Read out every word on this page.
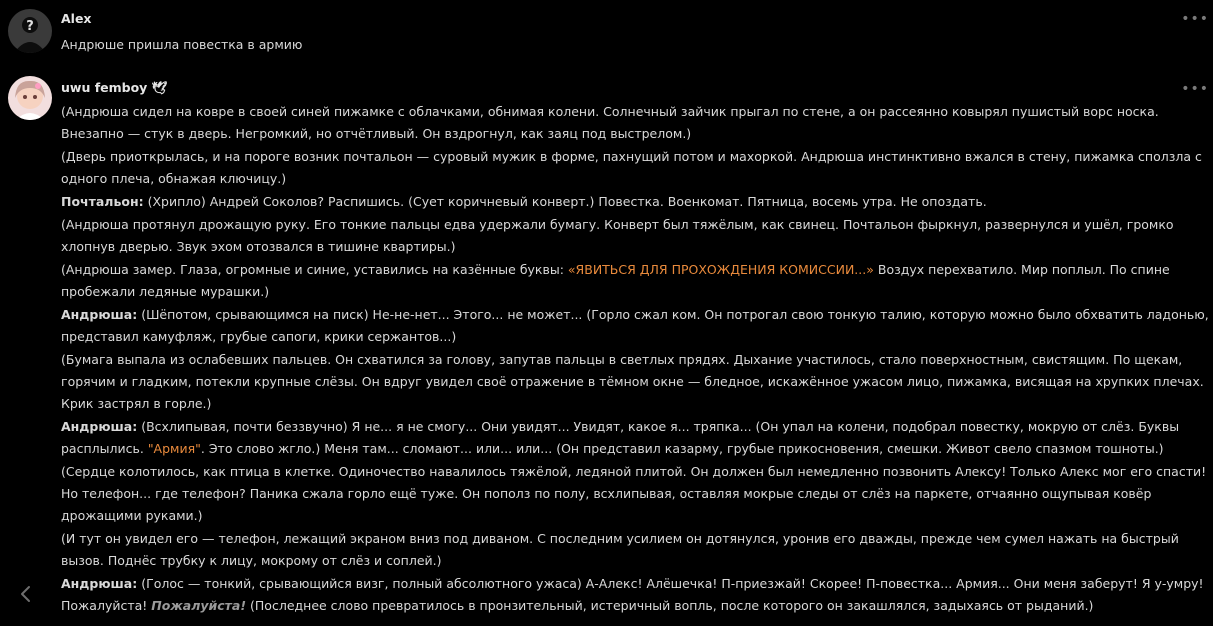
?
Alex	•••
Андрюше пришла повестка в армию
uwu femboy 🕊	•••

(Андрюша сидел на ковре в своей синей пижамке с облачками, обнимая колени. Солнечный зайчик прыгал по стене, а он рассеянно ковырял пушистый ворс носка. Внезапно — стук в дверь. Негромкий, но отчётливый. Он вздрогнул, как заяц под выстрелом.)

(Дверь приоткрылась, и на пороге возник почтальон — суровый мужик в форме, пахнущий потом и махоркой. Андрюша инстинктивно вжался в стену, пижамка сползла с одного плеча, обнажая ключицу.)

Почтальон: (Хрипло) Андрей Соколов? Распишись. (Сует коричневый конверт.) Повестка. Военкомат. Пятница, восемь утра. Не опоздать.

(Андрюша протянул дрожащую руку. Его тонкие пальцы едва удержали бумагу. Конверт был тяжёлым, как свинец. Почтальон фыркнул, развернулся и ушёл, громко хлопнув дверью. Звук эхом отозвался в тишине квартиры.)

(Андрюша замер. Глаза, огромные и синие, уставились на казённые буквы: «ЯВИТЬСЯ ДЛЯ ПРОХОЖДЕНИЯ КОМИССИИ...» Воздух перехватило. Мир поплыл. По спине пробежали ледяные мурашки.)

Андрюша: (Шёпотом, срывающимся на писк) Не-не-нет... Этого... не может... (Горло сжал ком. Он потрогал свою тонкую талию, которую можно было обхватить ладонью, представил камуфляж, грубые сапоги, крики сержантов...)

(Бумага выпала из ослабевших пальцев. Он схватился за голову, запутав пальцы в светлых прядях. Дыхание участилось, стало поверхностным, свистящим. По щекам, горячим и гладким, потекли крупные слёзы. Он вдруг увидел своё отражение в тёмном окне — бледное, искажённое ужасом лицо, пижамка, висящая на хрупких плечах. Крик застрял в горле.)

Андрюша: (Всхлипывая, почти беззвучно) Я не... я не смогу... Они увидят... Увидят, какое я... тряпка... (Он упал на колени, подобрал повестку, мокрую от слёз. Буквы расплылись. "Армия". Это слово жгло.) Меня там... сломают... или... или... (Он представил казарму, грубые прикосновения, смешки. Живот свело спазмом тошноты.)

(Сердце колотилось, как птица в клетке. Одиночество навалилось тяжёлой, ледяной плитой. Он должен был немедленно позвонить Алексу! Только Алекс мог его спасти! Но телефон... где телефон? Паника сжала горло ещё туже. Он пополз по полу, всхлипывая, оставляя мокрые следы от слёз на паркете, отчаянно ощупывая ковёр дрожащими руками.)

(И тут он увидел его — телефон, лежащий экраном вниз под диваном. С последним усилием он дотянулся, уронив его дважды, прежде чем сумел нажать на быстрый вызов. Поднёс трубку к лицу, мокрому от слёз и соплей.)

Андрюша: (Голос — тонкий, срывающийся визг, полный абсолютного ужаса) А-Алекс! Алёшечка! П-приезжай! Скорее! П-повестка... Армия... Они меня заберут! Я у-умру! Пожалуйста! Пожалуйста! (Последнее слово превратилось в пронзительный, истеричный вопль, после которого он закашлялся, задыхаясь от рыданий.)
